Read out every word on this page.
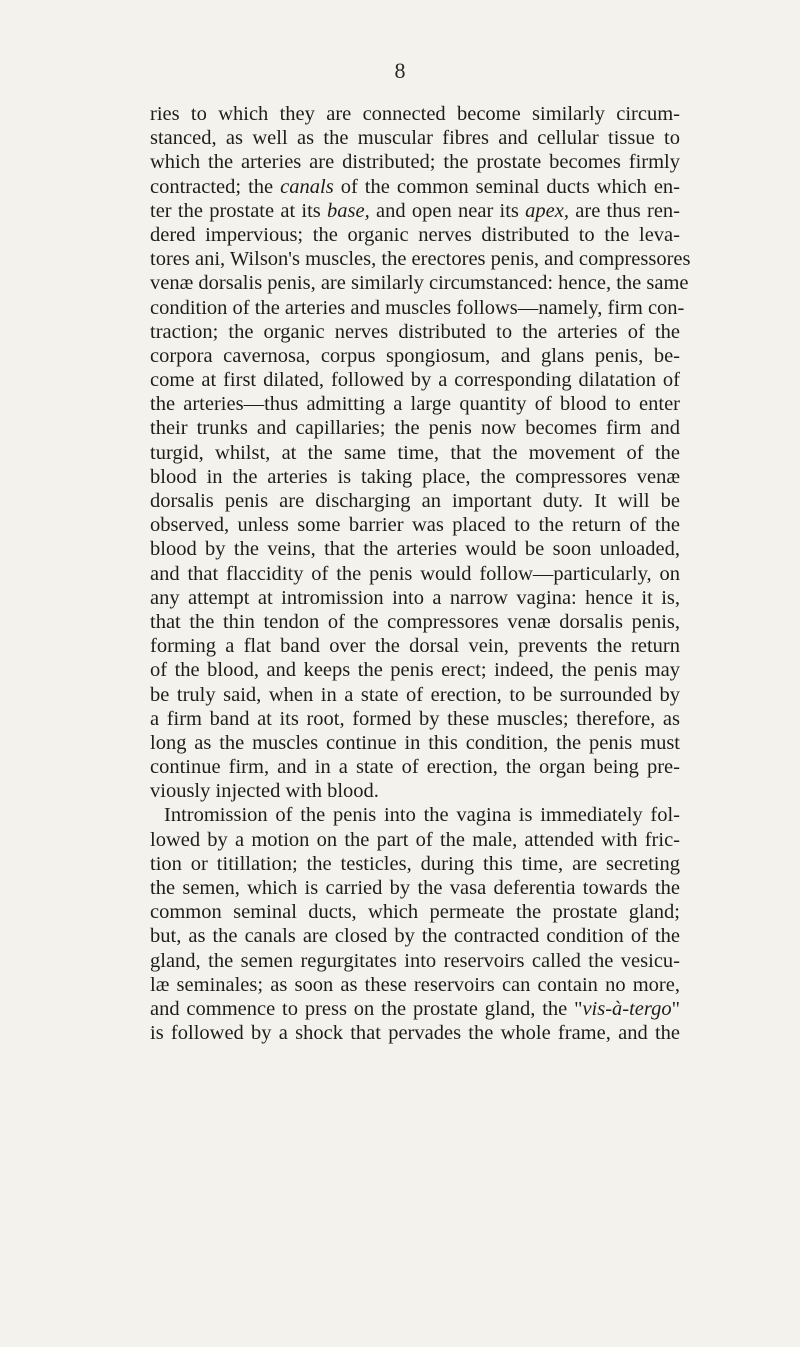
8
ries to which they are connected become similarly circum-
stanced, as well as the muscular fibres and cellular tissue to
which the arteries are distributed; the prostate becomes firmly
contracted; the canals of the common seminal ducts which en-
ter the prostate at its base, and open near its apex, are thus ren-
dered impervious; the organic nerves distributed to the leva-
tores ani, Wilson's muscles, the erectores penis, and compressores
venæ dorsalis penis, are similarly circumstanced: hence, the same
condition of the arteries and muscles follows—namely, firm con-
traction; the organic nerves distributed to the arteries of the
corpora cavernosa, corpus spongiosum, and glans penis, be-
come at first dilated, followed by a corresponding dilatation of
the arteries—thus admitting a large quantity of blood to enter
their trunks and capillaries; the penis now becomes firm and
turgid, whilst, at the same time, that the movement of the
blood in the arteries is taking place, the compressores venæ
dorsalis penis are discharging an important duty. It will be
observed, unless some barrier was placed to the return of the
blood by the veins, that the arteries would be soon unloaded,
and that flaccidity of the penis would follow—particularly, on
any attempt at intromission into a narrow vagina: hence it is,
that the thin tendon of the compressores venæ dorsalis penis,
forming a flat band over the dorsal vein, prevents the return
of the blood, and keeps the penis erect; indeed, the penis may
be truly said, when in a state of erection, to be surrounded by
a firm band at its root, formed by these muscles; therefore, as
long as the muscles continue in this condition, the penis must
continue firm, and in a state of erection, the organ being pre-
viously injected with blood.
Intromission of the penis into the vagina is immediately fol-
lowed by a motion on the part of the male, attended with fric-
tion or titillation; the testicles, during this time, are secreting
the semen, which is carried by the vasa deferentia towards the
common seminal ducts, which permeate the prostate gland;
but, as the canals are closed by the contracted condition of the
gland, the semen regurgitates into reservoirs called the vesicu-
læ seminales; as soon as these reservoirs can contain no more,
and commence to press on the prostate gland, the "vis-à-tergo"
is followed by a shock that pervades the whole frame, and the
